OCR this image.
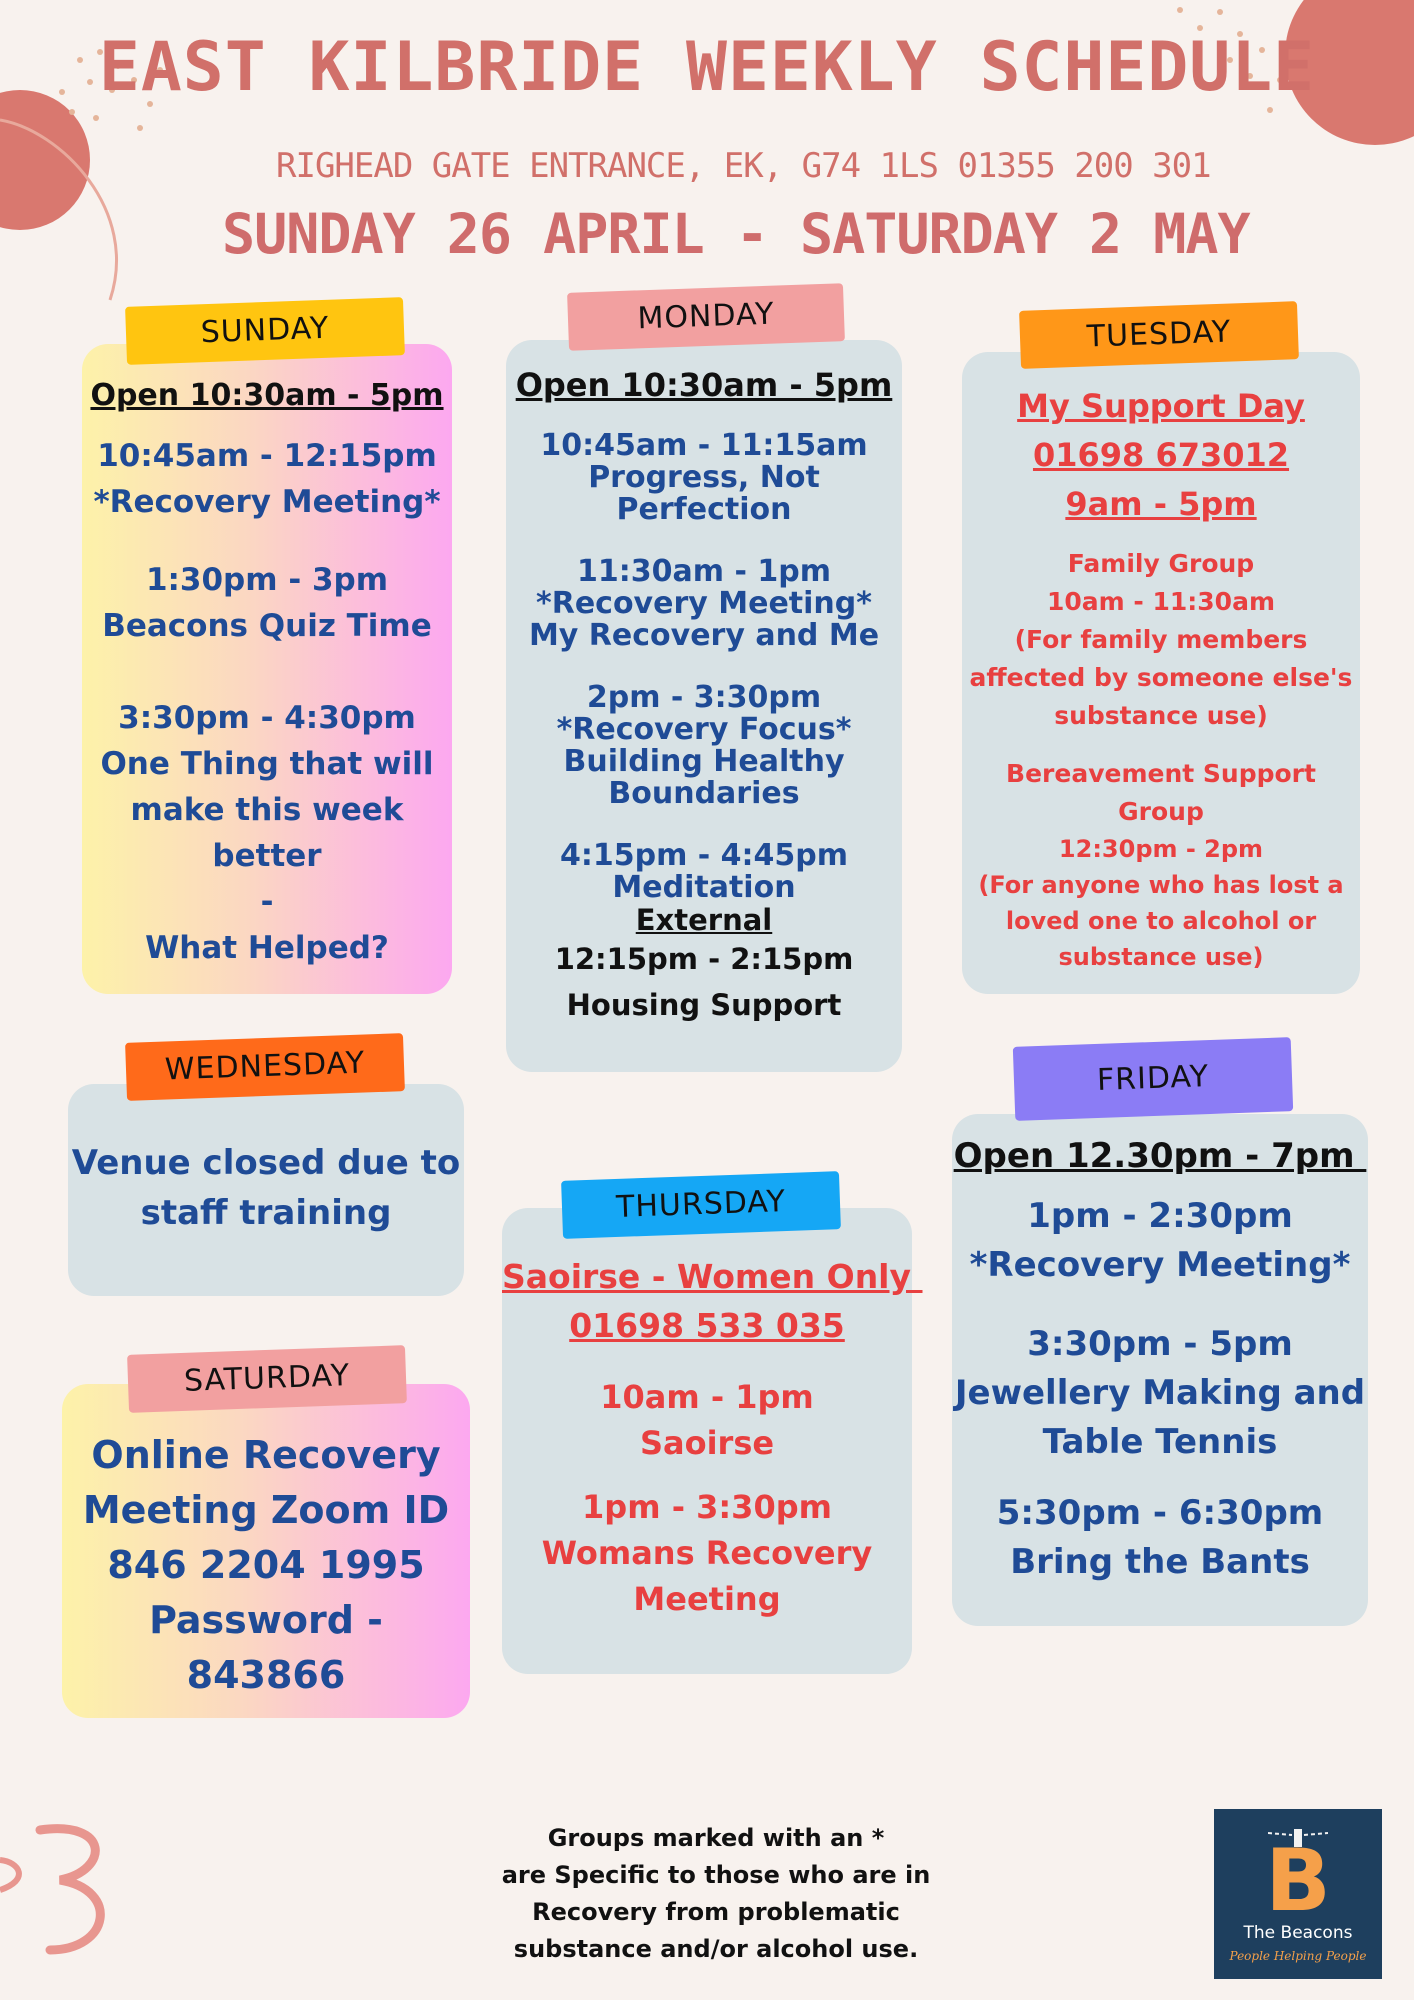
EAST KILBRIDE WEEKLY SCHEDULE
RIGHEAD GATE ENTRANCE, EK, G74 1LS 01355 200 301
SUNDAY 26 APRIL - SATURDAY 2 MAY

Open 10:30am - 5pm

10:45am - 12:15pm

*Recovery Meeting*

1:30pm - 3pm

Beacons Quiz Time

3:30pm - 4:30pm

One Thing that will

make this week better

-

What Helped?

SUNDAY

Open 10:30am - 5pm

10:45am - 11:15am

Progress, Not

Perfection

11:30am - 1pm

*Recovery Meeting*

My Recovery and Me

2pm - 3:30pm

*Recovery Focus*

Building Healthy

Boundaries

4:15pm - 4:45pm

Meditation

External

12:15pm - 2:15pm

Housing Support

MONDAY

My Support Day

01698 673012

9am - 5pm

Family Group

10am - 11:30am

(For family members

affected by someone else's

substance use)

Bereavement Support

Group

12:30pm - 2pm

(For anyone who has lost a

loved one to alcohol or

substance use)

TUESDAY

Venue closed due to

staff training

WEDNESDAY

Saoirse - Women Only

01698 533 035

10am - 1pm

Saoirse

1pm - 3:30pm

Womans Recovery

Meeting

THURSDAY

Open 12.30pm - 7pm

1pm - 2:30pm

*Recovery Meeting*

3:30pm - 5pm

Jewellery Making and

Table Tennis

5:30pm - 6:30pm

Bring the Bants

FRIDAY

Online Recovery

Meeting Zoom ID

846 2204 1995

Password -

843866

SATURDAY

Groups marked with an *

are Specific to those who are in

Recovery from problematic

substance and/or alcohol use.

B
The Beacons
People Helping People
